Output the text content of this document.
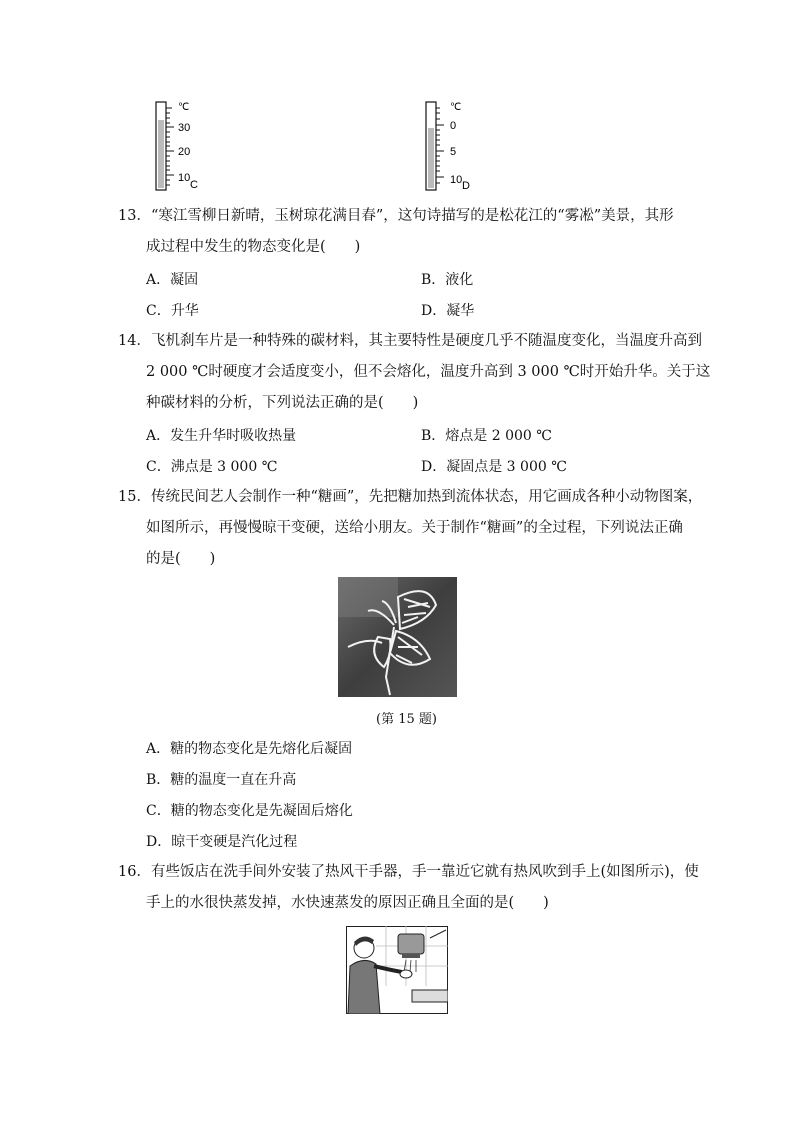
℃
30
20
10
C
℃
0
5
10 D
13．“寒江雪柳日新晴，玉树琼花满目春”，这句诗描写的是松花江的“雾凇”美景，其形
成过程中发生的物态变化是(　　)
A．凝固	B．液化
C．升华	D．凝华
14．飞机刹车片是一种特殊的碳材料，其主要特性是硬度几乎不随温度变化，当温度升高到
2 000 ℃时硬度才会适度变小，但不会熔化，温度升高到 3 000 ℃时开始升华。关于这
种碳材料的分析，下列说法正确的是(　　)
A．发生升华时吸收热量	B．熔点是 2 000 ℃
C．沸点是 3 000 ℃	D．凝固点是 3 000 ℃
15．传统民间艺人会制作一种“糖画”，先把糖加热到流体状态，用它画成各种小动物图案，
如图所示，再慢慢晾干变硬，送给小朋友。关于制作“糖画”的全过程，下列说法正确
的是(　　)
(第 15 题)
A．糖的物态变化是先熔化后凝固
B．糖的温度一直在升高
C．糖的物态变化是先凝固后熔化
D．晾干变硬是汽化过程
16．有些饭店在洗手间外安装了热风干手器，手一靠近它就有热风吹到手上(如图所示)，使
手上的水很快蒸发掉，水快速蒸发的原因正确且全面的是(　　)
